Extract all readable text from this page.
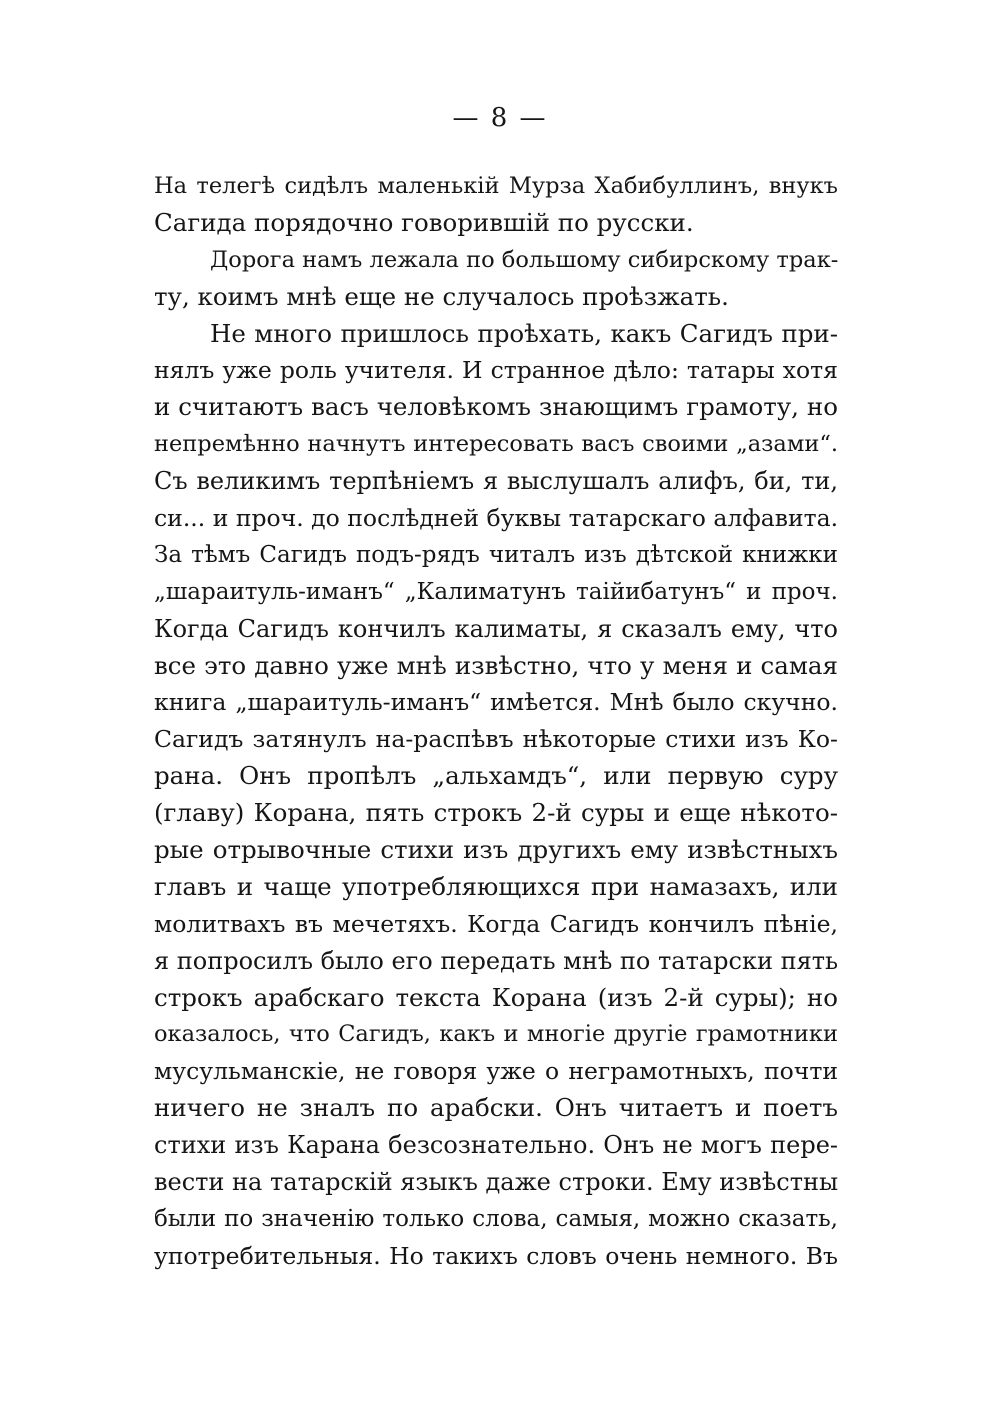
— 8 —
На телегѣ сидѣлъ маленькій Мурза Хабибуллинъ, внукъ
Сагида порядочно говорившій по русски.
Дорога намъ лежала по большому сибирскому трак-
ту, коимъ мнѣ еще не случалось проѣзжать.
Не много пришлось проѣхать, какъ Сагидъ при-
нялъ уже роль учителя. И странное дѣло: татары хотя
и считаютъ васъ человѣкомъ знающимъ грамоту, но
непремѣнно начнутъ интересовать васъ своими „азами“.
Съ великимъ терпѣніемъ я выслушалъ алифъ, би, ти,
си... и проч. до послѣдней буквы татарскаго алфавита.
За тѣмъ Сагидъ подъ-рядъ читалъ изъ дѣтской книжки
„шараитуль-иманъ“ „Калиматунъ таійибатунъ“ и проч.
Когда Сагидъ кончилъ калиматы, я сказалъ ему, что
все это давно уже мнѣ извѣстно, что у меня и самая
книга „шараитуль-иманъ“ имѣется. Мнѣ было скучно.
Сагидъ затянулъ на-распѣвъ нѣкоторые стихи изъ Ко-
рана. Онъ пропѣлъ „альхамдъ“, или первую суру
(главу) Корана, пять строкъ 2-й суры и еще нѣкото-
рые отрывочные стихи изъ другихъ ему извѣстныхъ
главъ и чаще употребляющихся при намазахъ, или
молитвахъ въ мечетяхъ. Когда Сагидъ кончилъ пѣніе,
я попросилъ было его передать мнѣ по татарски пять
строкъ арабскаго текста Корана (изъ 2-й суры); но
оказалось, что Сагидъ, какъ и многіе другіе грамотники
мусульманскіе, не говоря уже о неграмотныхъ, почти
ничего не зналъ по арабски. Онъ читаетъ и поетъ
стихи изъ Карана безсознательно. Онъ не могъ пере-
вести на татарскій языкъ даже строки. Ему извѣстны
были по значенію только слова, самыя, можно сказать,
употребительныя. Но такихъ словъ очень немного. Въ
